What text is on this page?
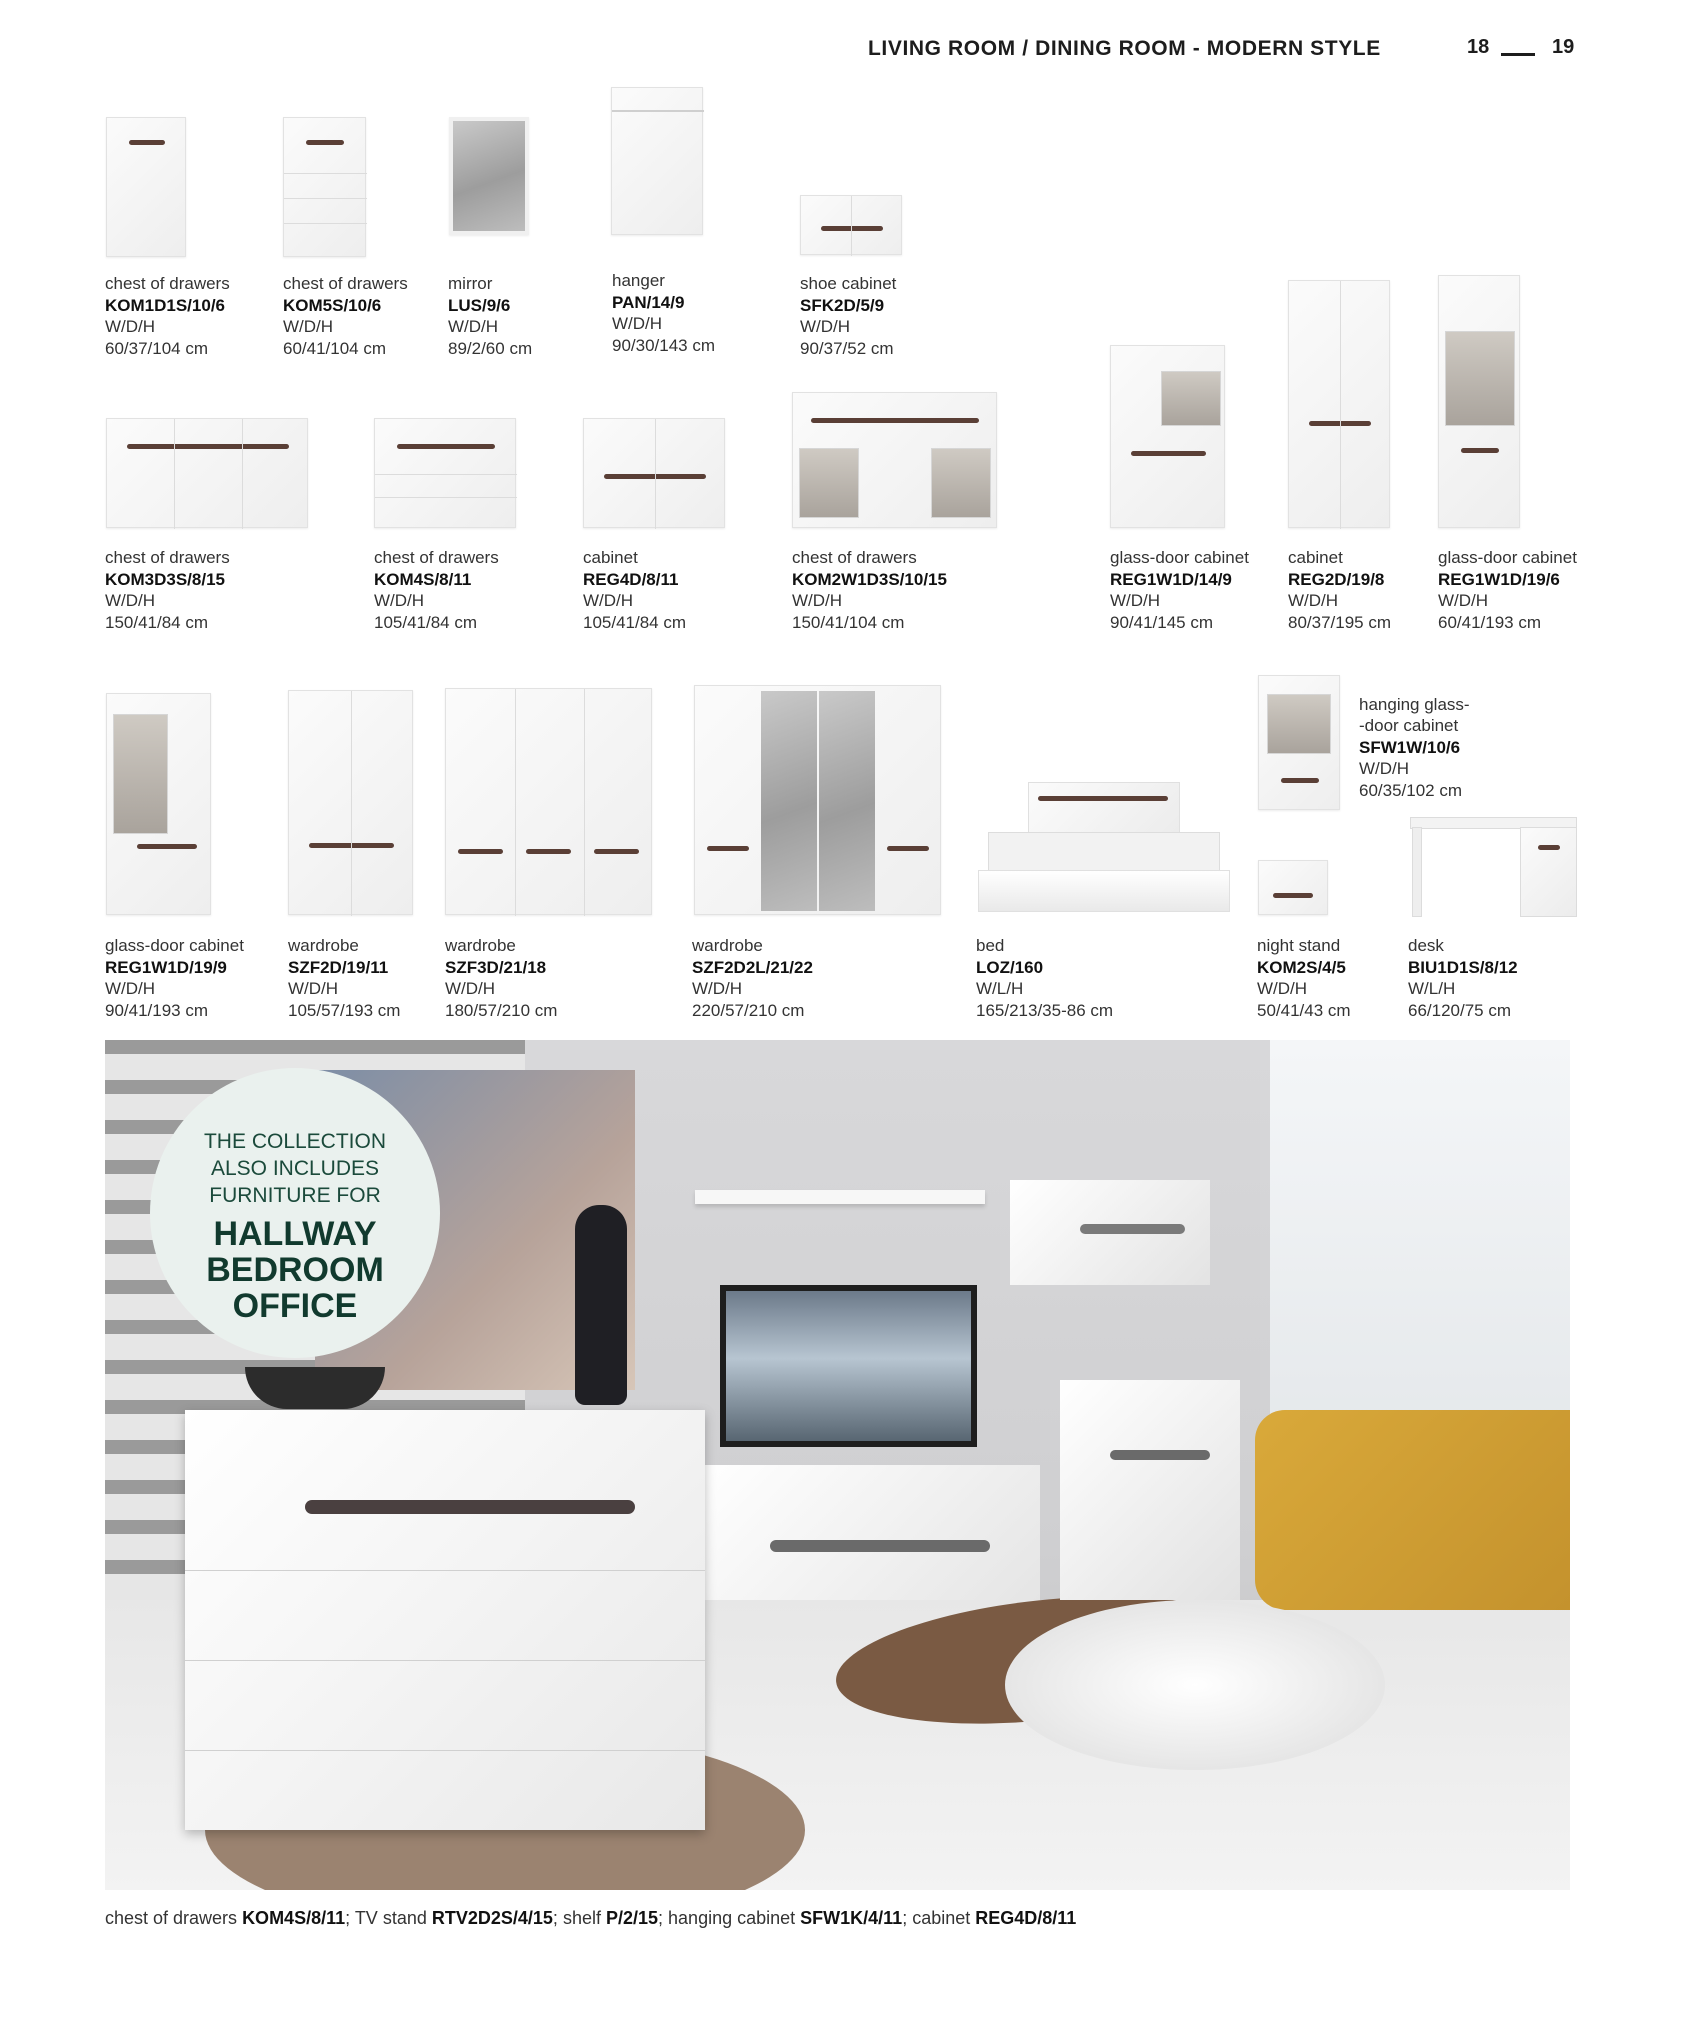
LIVING ROOM / DINING ROOM - MODERN STYLE	18	19
chest of drawers
KOM1D1S/10/6
W/D/H
60/37/104 cm
chest of drawers
KOM5S/10/6
W/D/H
60/41/104 cm
mirror
LUS/9/6
W/D/H
89/2/60 cm
hanger
PAN/14/9
W/D/H
90/30/143 cm
shoe cabinet
SFK2D/5/9
W/D/H
90/37/52 cm
chest of drawers
KOM3D3S/8/15
W/D/H
150/41/84 cm
chest of drawers
KOM4S/8/11
W/D/H
105/41/84 cm
cabinet
REG4D/8/11
W/D/H
105/41/84 cm
chest of drawers
KOM2W1D3S/10/15
W/D/H
150/41/104 cm
glass-door cabinet
REG1W1D/14/9
W/D/H
90/41/145 cm
cabinet
REG2D/19/8
W/D/H
80/37/195 cm
glass-door cabinet
REG1W1D/19/6
W/D/H
60/41/193 cm
glass-door cabinet
REG1W1D/19/9
W/D/H
90/41/193 cm
wardrobe
SZF2D/19/11
W/D/H
105/57/193 cm
wardrobe
SZF3D/21/18
W/D/H
180/57/210 cm
wardrobe
SZF2D2L/21/22
W/D/H
220/57/210 cm
bed
LOZ/160
W/L/H
165/213/35-86 cm

hanging glass-
-door cabinet
SFW1W/10/6
W/D/H
60/35/102 cm

night stand
KOM2S/4/5
W/D/H
50/41/43 cm
desk
BIU1D1S/8/12
W/L/H
66/120/75 cm
THE COLLECTION
ALSO INCLUDES
FURNITURE FOR
HALLWAY
BEDROOM
OFFICE
chest of drawers KOM4S/8/11; TV stand RTV2D2S/4/15; shelf P/2/15; hanging cabinet SFW1K/4/11; cabinet REG4D/8/11
